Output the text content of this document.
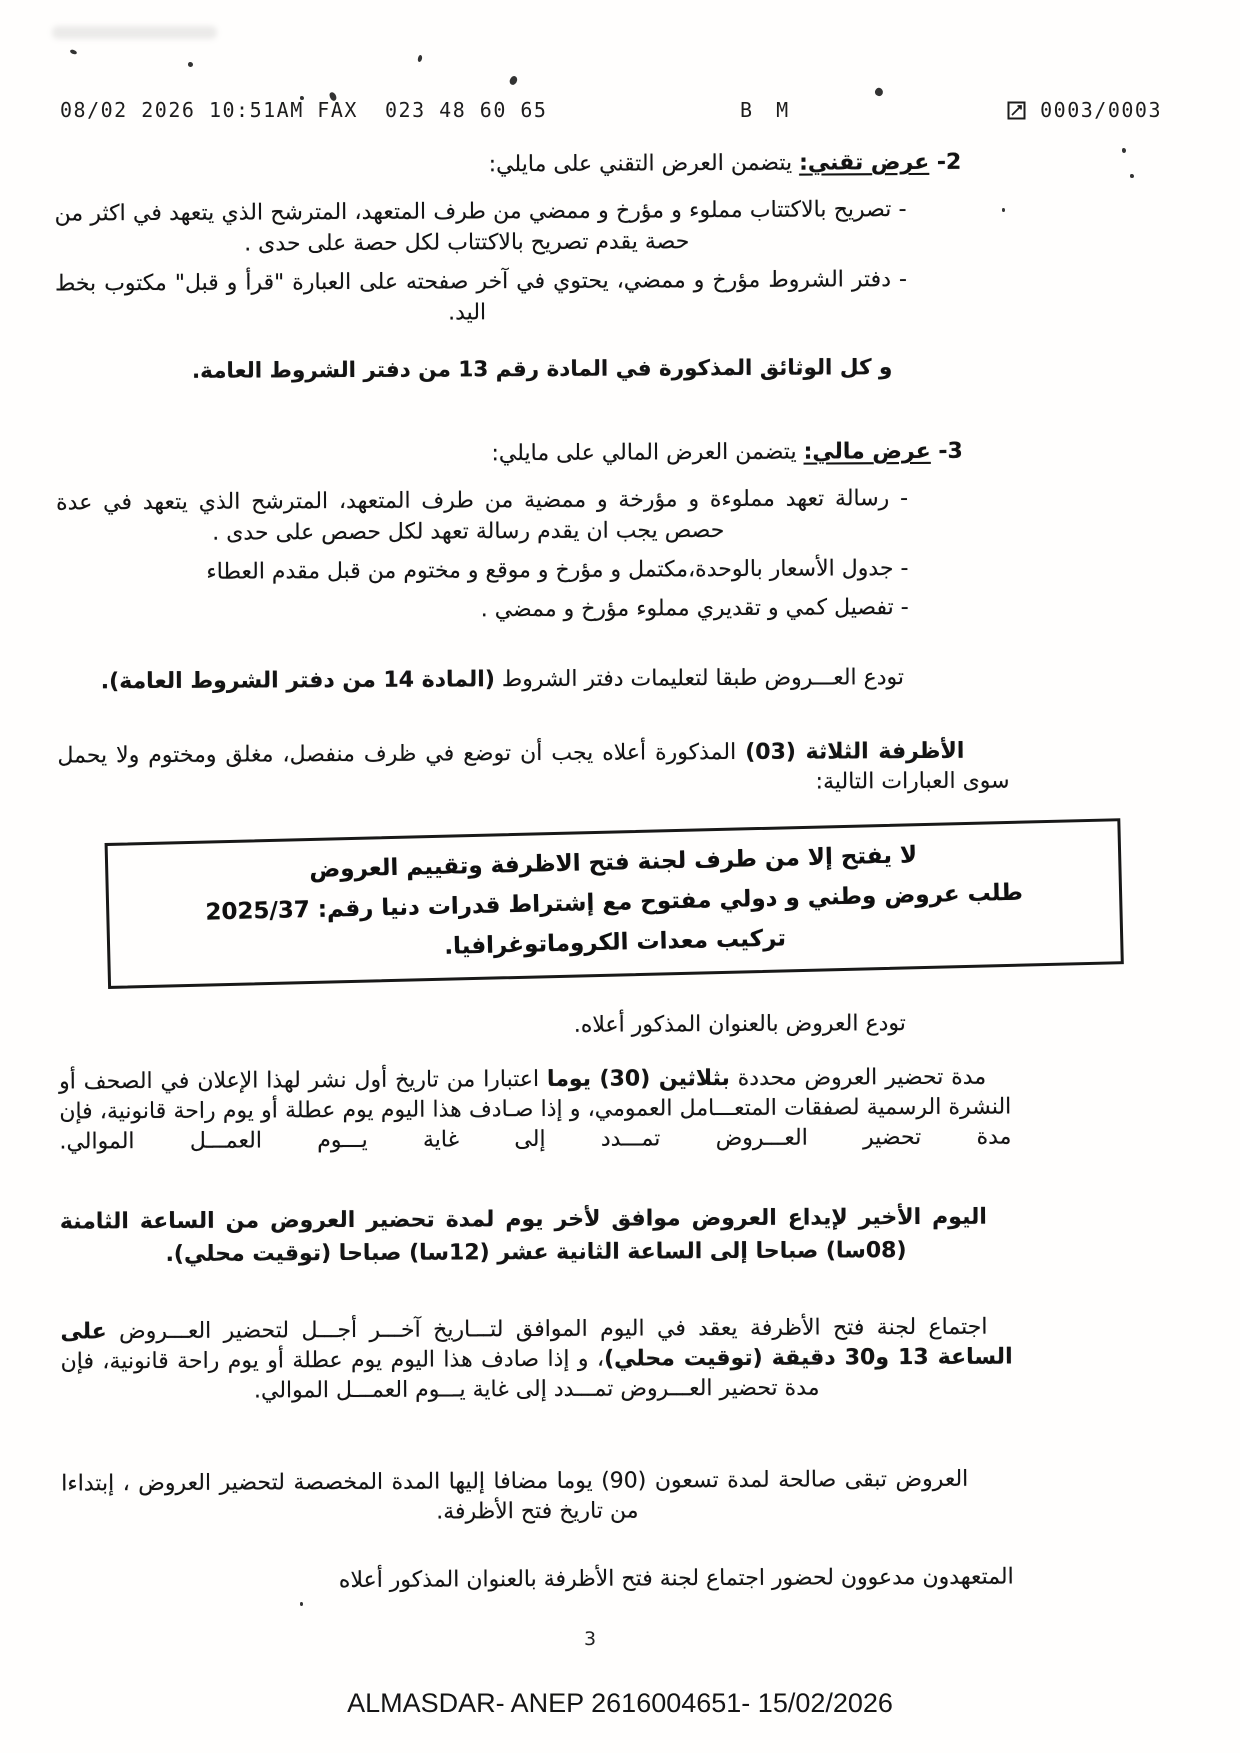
08/02 2026 10:51AM FAX  023 48 60 65	B M	0003/0003
2- عرض تقني: يتضمن العرض التقني على مايلي:
- تصريح بالاكتتاب مملوء و مؤرخ و ممضي من طرف المتعهد، المترشح الذي يتعهد في اكثر من حصة يقدم تصريح بالاكتتاب لكل حصة على حدى .
- دفتر الشروط مؤرخ و ممضي، يحتوي في آخر صفحته على العبارة "قرأ و قبل" مكتوب بخط اليد.

و كل الوثائق المذكورة في المادة رقم 13 من دفتر الشروط العامة.

3- عرض مالي: يتضمن العرض المالي على مايلي:
- رسالة تعهد مملوءة و مؤرخة و ممضية من طرف المتعهد، المترشح الذي يتعهد في عدة حصص يجب ان يقدم رسالة تعهد لكل حصص على حدى .
- جدول الأسعار بالوحدة،مكتمل و مؤرخ و موقع و مختوم من قبل مقدم العطاء
- تفصيل كمي و تقديري مملوء مؤرخ و ممضي .

تودع العـــروض طبقا لتعليمات دفتر الشروط (المادة 14 من دفتر الشروط العامة).

الأظرفة الثلاثة (03) المذكورة أعلاه يجب أن توضع في ظرف منفصل، مغلق ومختوم ولا يحمل سوى العبارات التالية:

لا يفتح إلا من طرف لجنة فتح الاظرفة وتقييم العروض
طلب عروض وطني و دولي مفتوح مع إشتراط قدرات دنيا رقم: 2025/37
تركيب معدات الكروماتوغرافيا.

تودع العروض بالعنوان المذكور أعلاه.

مدة تحضير العروض محددة بثلاثين (30) يوما اعتبارا من تاريخ أول نشر لهذا الإعلان في الصحف أو النشرة الرسمية لصفقات المتعـــامل العمومي، و إذا صـادف هذا اليوم يوم عطلة أو يوم راحة قانونية، فإن مدة تحضير العـــروض تمـــدد إلى غاية يـــوم العمـــل الموالي.

اليوم الأخير لإيداع العروض موافق لأخر يوم لمدة تحضير العروض من الساعة الثامنة (08سا) صباحا إلى الساعة الثانية عشر (12سا) صباحا (توقيت محلي).

اجتماع لجنة فتح الأظرفة يعقد في اليوم الموافق لتـــاريخ آخـــر أجـــل لتحضير العـــروض على الساعة 13 و30 دقيقة (توقيت محلي)، و إذا صادف هذا اليوم يوم عطلة أو يوم راحة قانونية، فإن مدة تحضير العـــروض تمـــدد إلى غاية يـــوم العمـــل الموالي.

العروض تبقى صالحة لمدة تسعون (90) يوما مضافا إليها المدة المخصصة لتحضير العروض ، إبتداءا من تاريخ فتح الأظرفة.

المتعهدون مدعوون لحضور اجتماع لجنة فتح الأظرفة بالعنوان المذكور أعلاه

3
ALMASDAR- ANEP 2616004651- 15/02/2026
